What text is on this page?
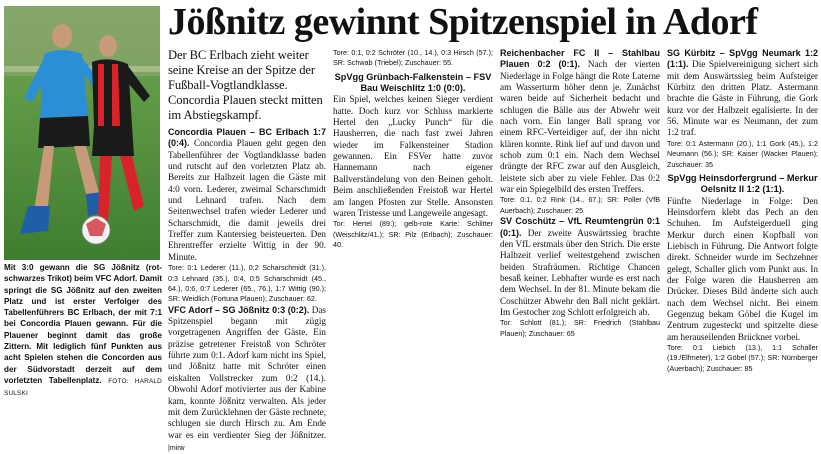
Jößnitz gewinnt Spitzenspiel in Adorf
Mit 3:0 gewann die SG Jößnitz (rot-schwarzes Trikot) beim VFC Adorf. Damit springt die SG Jößnitz auf den zweiten Platz und ist erster Verfolger des Tabellenführers BC Erlbach, der mit 7:1 bei Concordia Plauen gewann. Für die Plauener beginnt damit das große Zittern. Mit lediglich fünf Punkten aus acht Spielen stehen die Concorden aus der Südvorstadt derzeit auf dem vorletzten Tabellenplatz. FOTO: HARALD SULSKI
Der BC Erlbach zieht weiter seine Kreise an der Spitze der Fußball-Vogtlandklasse. Concordia Plauen steckt mitten im Abstiegskampf.

Concordia Plauen – BC Erlbach 1:7 (0:4). Concordia Plauen geht gegen den Tabellenführer der Vogtlandklasse baden und rutscht auf den vorletzten Platz ab. Bereits zur Halbzeit lagen die Gäste mit 4:0 vorn. Lederer, zweimal Scharschmidt und Lehnard trafen. Nach dem Seitenwechsel trafen wieder Lederer und Scharschmidt, die damit jeweils drei Treffer zum Kantersieg beisteuerten. Den Ehrentreffer erzielte Wittig in der 90. Minute.

Tore: 0:1 Lederer (11.), 0:2 Scharschmidt (31.), 0:3 Lehnard (35.), 0:4, 0:5 Scharschmidt (45., 64.), 0:6, 0:7 Lederer (65., 76.), 1:7 Wittig (90.); SR: Weidlich (Fortuna Plauen); Zuschauer: 62.

VFC Adorf – SG Jößnitz 0:3 (0:2). Das Spitzenspiel begann mit zügig vorgetragenen Angriffen der Gäste. Ein präzise getretener Freistoß von Schröter führte zum 0:1. Adorf kam nicht ins Spiel, und Jößnitz hatte mit Schröter einen eiskalten Vollstrecker zum 0:2 (14.). Obwohl Adorf motivierter aus der Kabine kam, konnte Jößnitz verwalten. Als jeder mit dem Zurücklehnen der Gäste rechnete, schlugen sie durch Hirsch zu. Am Ende war es ein verdienter Sieg der Jößnitzer. |mirw

Tore: 0:1, 0:2 Schröter (10., 14.), 0:3 Hirsch (57.); SR: Schwab (Triebel); Zuschauer: 55.

SpVgg Grünbach-Falkenstein – FSV Bau Weischlitz 1:0 (0:0).

Ein Spiel, welches keinen Sieger verdient hatte. Doch kurz vor Schluss markierte Hertel den „Lucky Punch“ für die Hausherren, die nach fast zwei Jahren wieder im Falkensteiner Stadion gewannen. Ein FSVer hatte zuvor Hannemann nach eigener Ballverständelung von den Beinen geholt. Beim anschließenden Freistoß war Hertel am langen Pfosten zur Stelle. Ansonsten waren Tristesse und Langeweile angesagt.

Tor: Hertel (89.); gelb-rote Karte: Schlitter (Weischlitz/41.); SR: Pilz (Erlbach); Zuschauer: 40.

Reichenbacher FC II – Stahlbau Plauen 0:2 (0:1). Nach der vierten Niederlage in Folge hängt die Rote Laterne am Wasserturm höher denn je. Zunächst waren beide auf Sicherheit bedacht und schlugen die Bälle aus der Abwehr weit nach vorn. Ein langer Ball sprang vor einem RFC-Verteidiger auf, der ihn nicht klären konnte. Rink lief auf und davon und schob zum 0:1 ein. Nach dem Wechsel drängte der RFC zwar auf den Ausgleich, leistete sich aber zu viele Fehler. Das 0:2 war ein Spiegelbild des ersten Treffers.

Tore: 0:1, 0:2 Rink (14., 67.); SR: Poller (VfB Auerbach); Zuschauer: 25

SV Coschütz – VfL Reumtengrün 0:1 (0:1). Der zweite Auswärtssieg brachte den VfL erstmals über den Strich. Die erste Halbzeit verlief weitestgehend zwischen beiden Strafräumen. Richtige Chancen besaß keiner. Lebhafter wurde es erst nach dem Wechsel. In der 81. Minute bekam die Coschützer Abwehr den Ball nicht geklärt. Im Gestocher zog Schlott erfolgreich ab.

Tor: Schlott (81.); SR: Friedrich (Stahlbau Plauen); Zuschauer: 65

SG Kürbitz – SpVgg Neumark 1:2 (1:1). Die Spielvereinigung sichert sich mit dem Auswärtssieg beim Aufsteiger Kürbitz den dritten Platz. Astermann brachte die Gäste in Führung, die Gork kurz vor der Halbzeit egalisierte. In der 56. Minute war es Neumann, der zum 1:2 traf.

Tore: 0:1 Astermann (20.), 1:1 Gork (45.), 1:2 Neumann (56.); SR: Kaiser (Wacker Plauen); Zuschauer: 35

SpVgg Heinsdorfergrund – Merkur Oelsnitz II 1:2 (1:1).

Fünfte Niederlage in Folge: Den Heinsdorfern klebt das Pech an den Schuhen. Im Aufsteigerduell ging Merkur durch einen Kopfball von Liebisch in Führung. Die Antwort folgte direkt. Schneider wurde im Sechzehner gelegt, Schaller glich vom Punkt aus. In der Folge waren die Hausherren am Drücker. Dieses Bild änderte sich auch nach dem Wechsel nicht. Bei einem Gegenzug bekam Göbel die Kugel im Zentrum zugesteckt und spitzelte diese am herauseilenden Brückner vorbei.

Tore: 0:1 Liebich (13.), 1:1 Schaller (19./Elfmeter), 1:2 Göbel (57.); SR: Nürnberger (Auerbach); Zuschauer: 85
